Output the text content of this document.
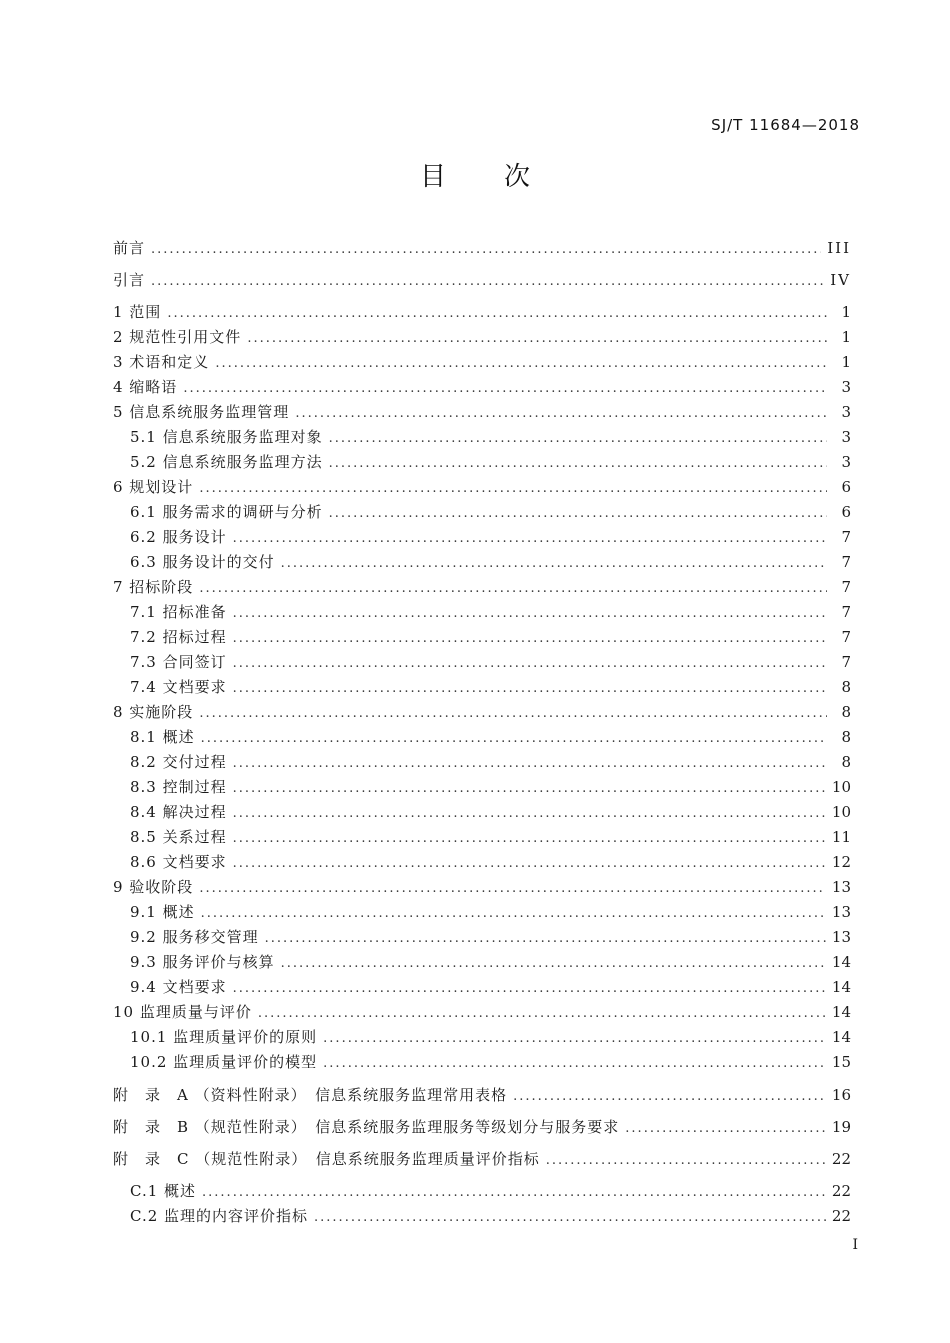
SJ/T 11684—2018
目次
前言 .....	III
引言 .....	IV
1 范围 .....	1
2 规范性引用文件 .....	1
3 术语和定义 .....	1
4 缩略语 .....	3
5 信息系统服务监理管理 .....	3
5.1 信息系统服务监理对象 .....	3
5.2 信息系统服务监理方法 .....	3
6 规划设计 .....	6
6.1 服务需求的调研与分析 .....	6
6.2 服务设计 .....	7
6.3 服务设计的交付 .....	7
7 招标阶段 .....	7
7.1 招标准备 .....	7
7.2 招标过程 .....	7
7.3 合同签订 .....	7
7.4 文档要求 .....	8
8 实施阶段 .....	8
8.1 概述 .....	8
8.2 交付过程 .....	8
8.3 控制过程 .....	10
8.4 解决过程 .....	10
8.5 关系过程 .....	11
8.6 文档要求 .....	12
9 验收阶段 .....	13
9.1 概述 .....	13
9.2 服务移交管理 .....	13
9.3 服务评价与核算 .....	14
9.4 文档要求 .....	14
10 监理质量与评价 .....	14
10.1 监理质量评价的原则 .....	14
10.2 监理质量评价的模型 .....	15
附　录　A （资料性附录）　信息系统服务监理常用表格 .....	16
附　录　B （规范性附录）　信息系统服务监理服务等级划分与服务要求 .....	19
附　录　C （规范性附录）　信息系统服务监理质量评价指标 .....	22
C.1 概述 .....	22
C.2 监理的内容评价指标 .....	22
I
